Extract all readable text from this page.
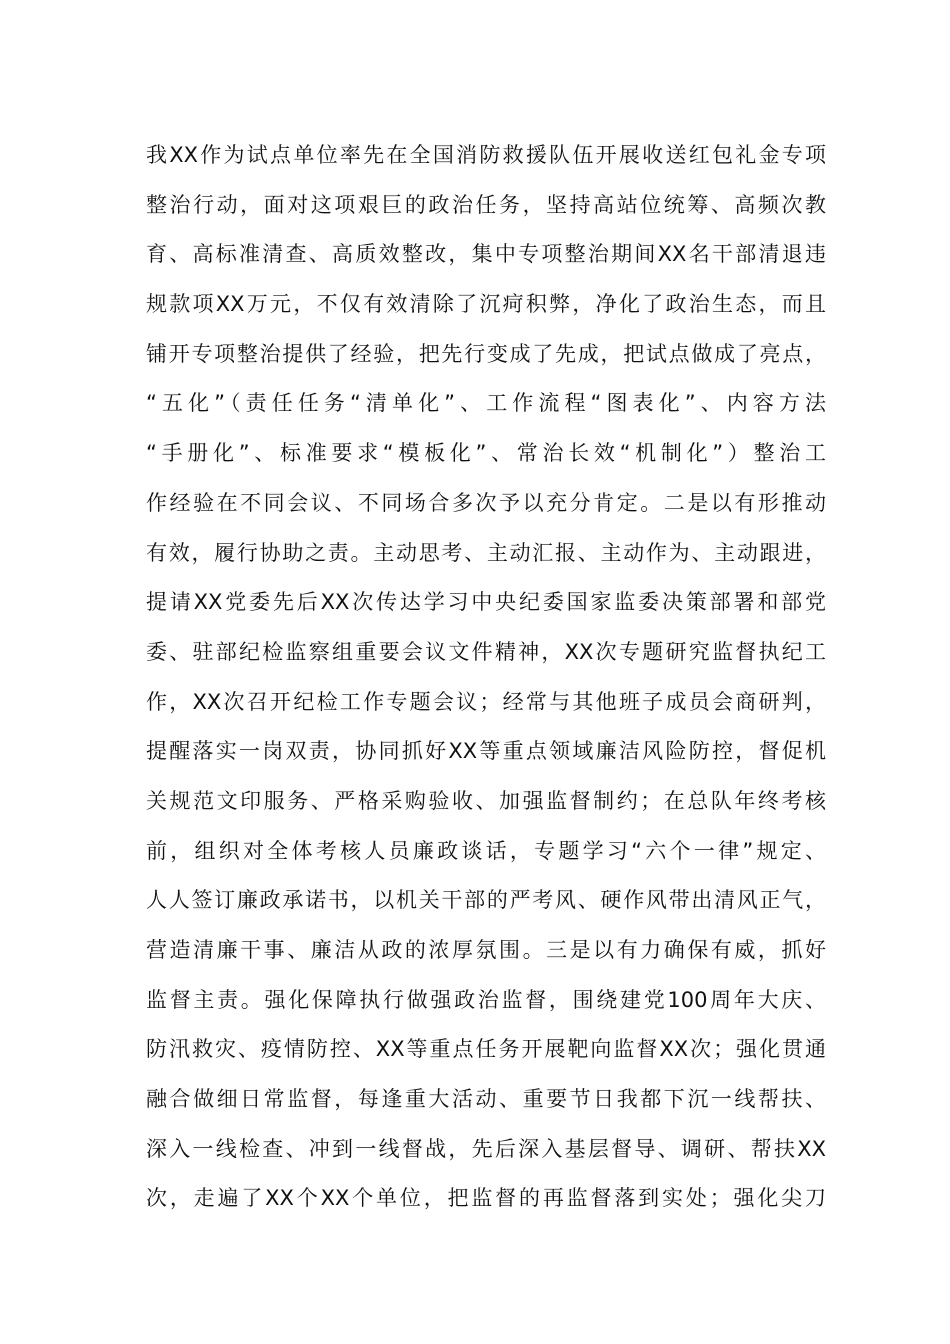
我XX作为试点单位率先在全国消防救援队伍开展收送红包礼金专项
整治行动，面对这项艰巨的政治任务，坚持高站位统筹、高频次教
育、高标准清查、高质效整改，集中专项整治期间XX名干部清退违
规款项XX万元，不仅有效清除了沉疴积弊，净化了政治生态，而且
铺开专项整治提供了经验，把先行变成了先成，把试点做成了亮点，
“五化”（责任任务“清单化”、工作流程“图表化”、内容方法
“手册化”、标准要求“模板化”、常治长效“机制化”）整治工
作经验在不同会议、不同场合多次予以充分肯定。二是以有形推动
有效，履行协助之责。主动思考、主动汇报、主动作为、主动跟进，
提请XX党委先后XX次传达学习中央纪委国家监委决策部署和部党
委、驻部纪检监察组重要会议文件精神，XX次专题研究监督执纪工
作，XX次召开纪检工作专题会议；经常与其他班子成员会商研判，
提醒落实一岗双责，协同抓好XX等重点领域廉洁风险防控，督促机
关规范文印服务、严格采购验收、加强监督制约；在总队年终考核
前，组织对全体考核人员廉政谈话，专题学习“六个一律”规定、
人人签订廉政承诺书，以机关干部的严考风、硬作风带出清风正气，
营造清廉干事、廉洁从政的浓厚氛围。三是以有力确保有威，抓好
监督主责。强化保障执行做强政治监督，围绕建党100周年大庆、
防汛救灾、疫情防控、XX等重点任务开展靶向监督XX次；强化贯通
融合做细日常监督，每逢重大活动、重要节日我都下沉一线帮扶、
深入一线检查、冲到一线督战，先后深入基层督导、调研、帮扶XX
次，走遍了XX个XX个单位，把监督的再监督落到实处；强化尖刀
